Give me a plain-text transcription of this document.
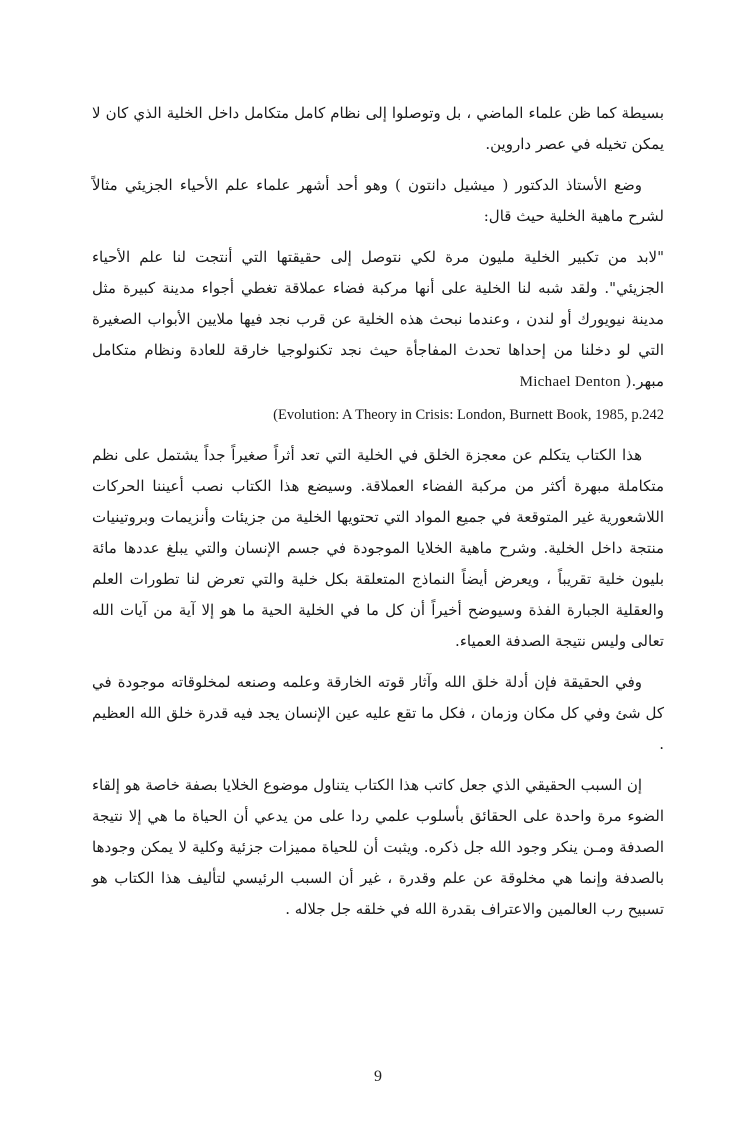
بسيطة كما ظن علماء الماضي ، بل وتوصلوا إلى نظام كامل متكامل داخل الخلية الذي كان لا يمكن تخيله في عصر داروين.

وضع الأستاذ الدكتور ( ميشيل دانتون ) وهو أحد أشهر علماء علم الأحياء الجزيئي مثالاً لشرح ماهية الخلية حيث قال:

"لابد من تكبير الخلية مليون مرة لكي نتوصل إلى حقيقتها التي أنتجت لنا علم الأحياء الجزيئي". ولقد شبه لنا الخلية على أنها مركبة فضاء عملاقة تغطي أجواء مدينة كبيرة مثل مدينة نيويورك أو لندن ، وعندما نبحث هذه الخلية عن قرب نجد فيها ملايين الأبواب الصغيرة التي لو دخلنا من إحداها تحدث المفاجأة حيث نجد تكنولوجيا خارقة للعادة ونظام متكامل مبهر.( Michael Denton

(Evolution: A Theory in Crisis: London, Burnett Book, 1985, p.242

هذا الكتاب يتكلم عن معجزة الخلق في الخلية التي تعد أثراً صغيراً جداً يشتمل على نظم متكاملة مبهرة أكثر من مركبة الفضاء العملاقة. وسيضع هذا الكتاب نصب أعيننا الحركات اللاشعورية غير المتوقعة في جميع المواد التي تحتويها الخلية من جزيئات وأنزيمات وبروتينيات منتجة داخل الخلية. وشرح ماهية الخلايا الموجودة في جسم الإنسان والتي يبلغ عددها مائة بليون خلية تقريباً ، ويعرض أيضاً النماذج المتعلقة بكل خلية والتي تعرض لنا تطورات العلم والعقلية الجبارة الفذة وسيوضح أخيراً أن كل ما في الخلية الحية ما هو إلا آية من آيات الله تعالى وليس نتيجة الصدفة العمياء.

وفي الحقيقة فإن أدلة خلق الله وآثار قوته الخارقة وعلمه وصنعه لمخلوقاته موجودة في كل شئ وفي كل مكان وزمان ، فكل ما تقع عليه عين الإنسان يجد فيه قدرة خلق الله العظيم .

إن السبب الحقيقي الذي جعل كاتب هذا الكتاب يتناول موضوع الخلايا بصفة خاصة هو إلقاء الضوء مرة واحدة على الحقائق بأسلوب علمي ردا على من يدعي أن الحياة ما هي إلا نتيجة الصدفة ومـن ينكر وجود الله جل ذكره. ويثبت أن للحياة مميزات جزئية وكلية لا يمكن وجودها بالصدفة وإنما هي مخلوقة عن علم وقدرة ، غير أن السبب الرئيسي لتأليف هذا الكتاب هو تسبيح رب العالمين والاعتراف بقدرة الله في خلقه جل جلاله .

9
